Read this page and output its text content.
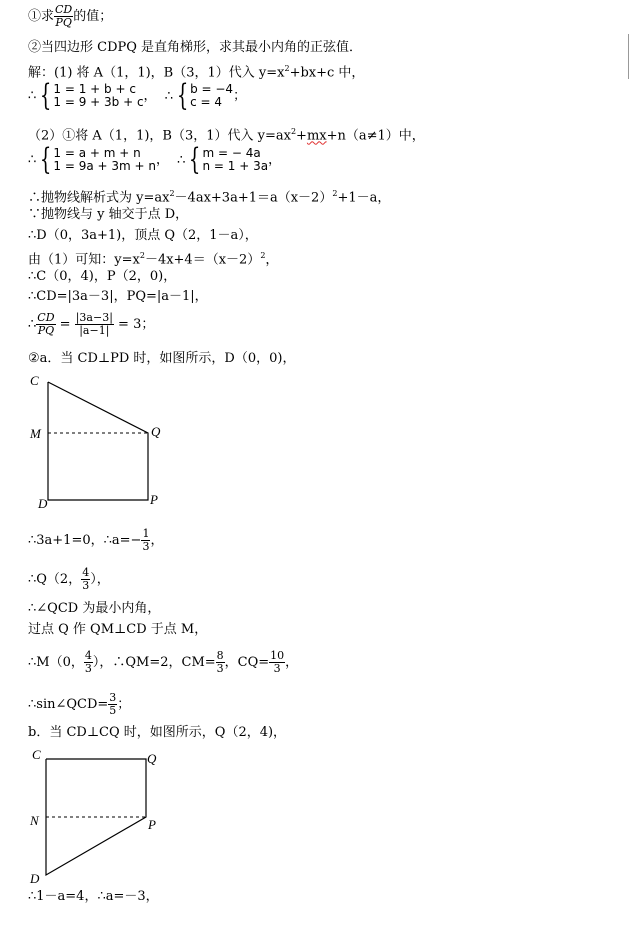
①求 $\frac{CD}{PQ}$ 的值；
②当四边形 CDPQ 是直角梯形，求其最小内角的正弦值．
解：(1) 将 A（1，1)，B（3，1）代入 $y=x^2+bx+c$ 中，
∴ { 1 = 1 + b + c
1 = 9 + 3b + c ， ∴ { b = −4
c = 4 ；
（2）①将 A（1，1)，B（3，1）代入 $y=ax^2+mx+n(a\ne 1)$中，
∴ { 1 = a + m + n
1 = 9a + 3m + n ， ∴ { m = − 4a
n = 1 + 3a ，
∴抛物线解析式为 $y=ax^2-4ax+3a+1=a(x-2)^2+1-a$，
∵抛物线与 y 轴交于点 D，
∴D（0，3a+1)，顶点 Q（2，1－a），
由（1）可知：$y=x^2-4x+4=(x-2)^2$，
∴C（0，4)，P（2，0)，
∴CD=|3a－3|，PQ=|a－1|，
∴ $\frac{CD}{PQ} = \frac{|3a-3|}{|a-1|} = 3$；
②a．当 CD⊥PD 时，如图所示，D（0，0)，
C
M	Q
D	P
∴3a+1=0，∴a=− $\frac{1}{3}$ ，
∴Q（2， $\frac{4}{3}$ ），
∴∠QCD 为最小内角，
过点 Q 作 QM⊥CD 于点 M，
∴M（0， $\frac{4}{3}$ ），∴QM=2，$CM= \frac{8}{3}$ ，$CQ= \frac{10}{3}$ ，
∴sin∠QCD= $\frac{3}{5}$ ；
b．当 CD⊥CQ 时，如图所示，Q（2，4)，
C	Q
N	P
D
∴1－a=4，∴a=－3，
